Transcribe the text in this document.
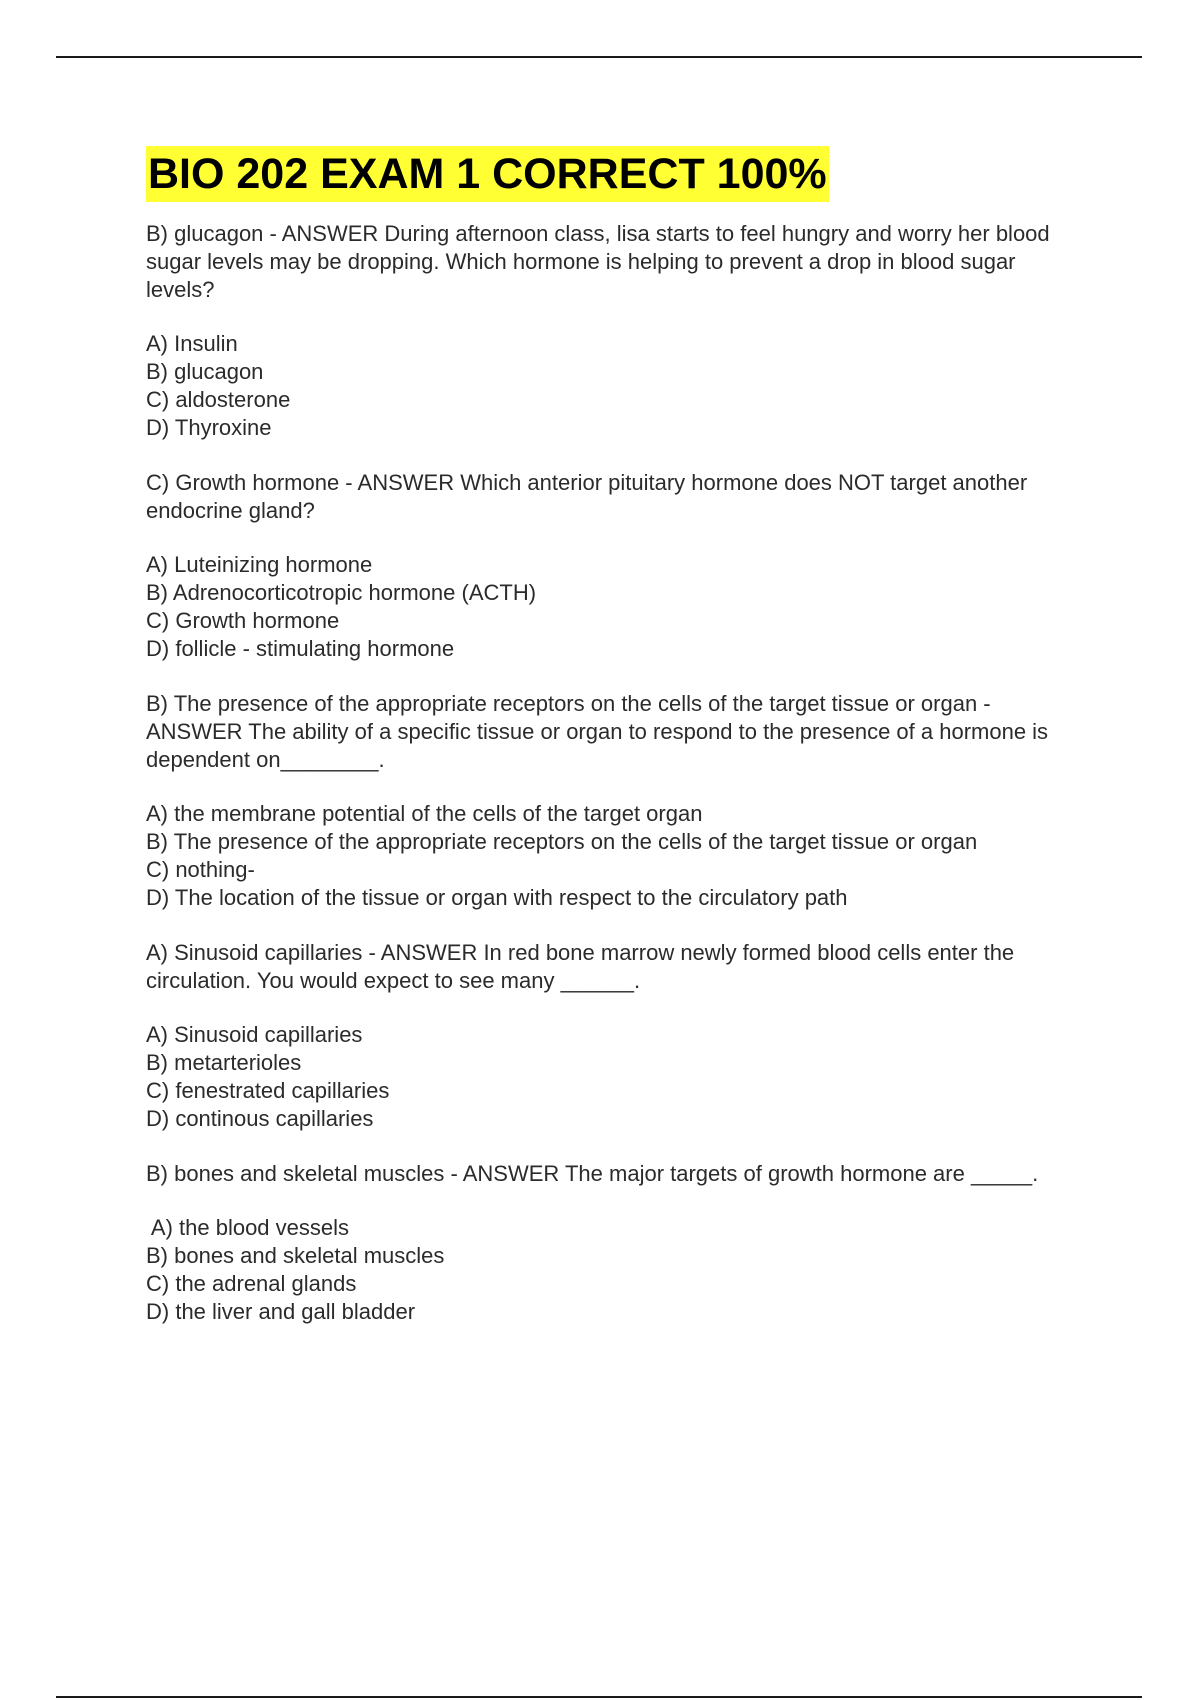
BIO 202 EXAM 1 CORRECT 100%

B) glucagon - ANSWER During afternoon class, lisa starts to feel hungry and worry her blood sugar levels may be dropping. Which hormone is helping to prevent a drop in blood sugar levels?

A) Insulin
B) glucagon
C) aldosterone
D) Thyroxine

C) Growth hormone - ANSWER Which anterior pituitary hormone does NOT target another endocrine gland?

A) Luteinizing hormone
B) Adrenocorticotropic hormone (ACTH)
C) Growth hormone
D) follicle - stimulating hormone

B) The presence of the appropriate receptors on the cells of the target tissue or organ - ANSWER The ability of a specific tissue or organ to respond to the presence of a hormone is dependent on________.

A) the membrane potential of the cells of the target organ
B) The presence of the appropriate receptors on the cells of the target tissue or organ
C) nothing-
D) The location of the tissue or organ with respect to the circulatory path

A) Sinusoid capillaries - ANSWER In red bone marrow newly formed blood cells enter the circulation. You would expect to see many ______.

A) Sinusoid capillaries
B) metarterioles
C) fenestrated capillaries
D) continous capillaries

B) bones and skeletal muscles - ANSWER The major targets of growth hormone are _____.

A) the blood vessels
B) bones and skeletal muscles
C) the adrenal glands
D) the liver and gall bladder
